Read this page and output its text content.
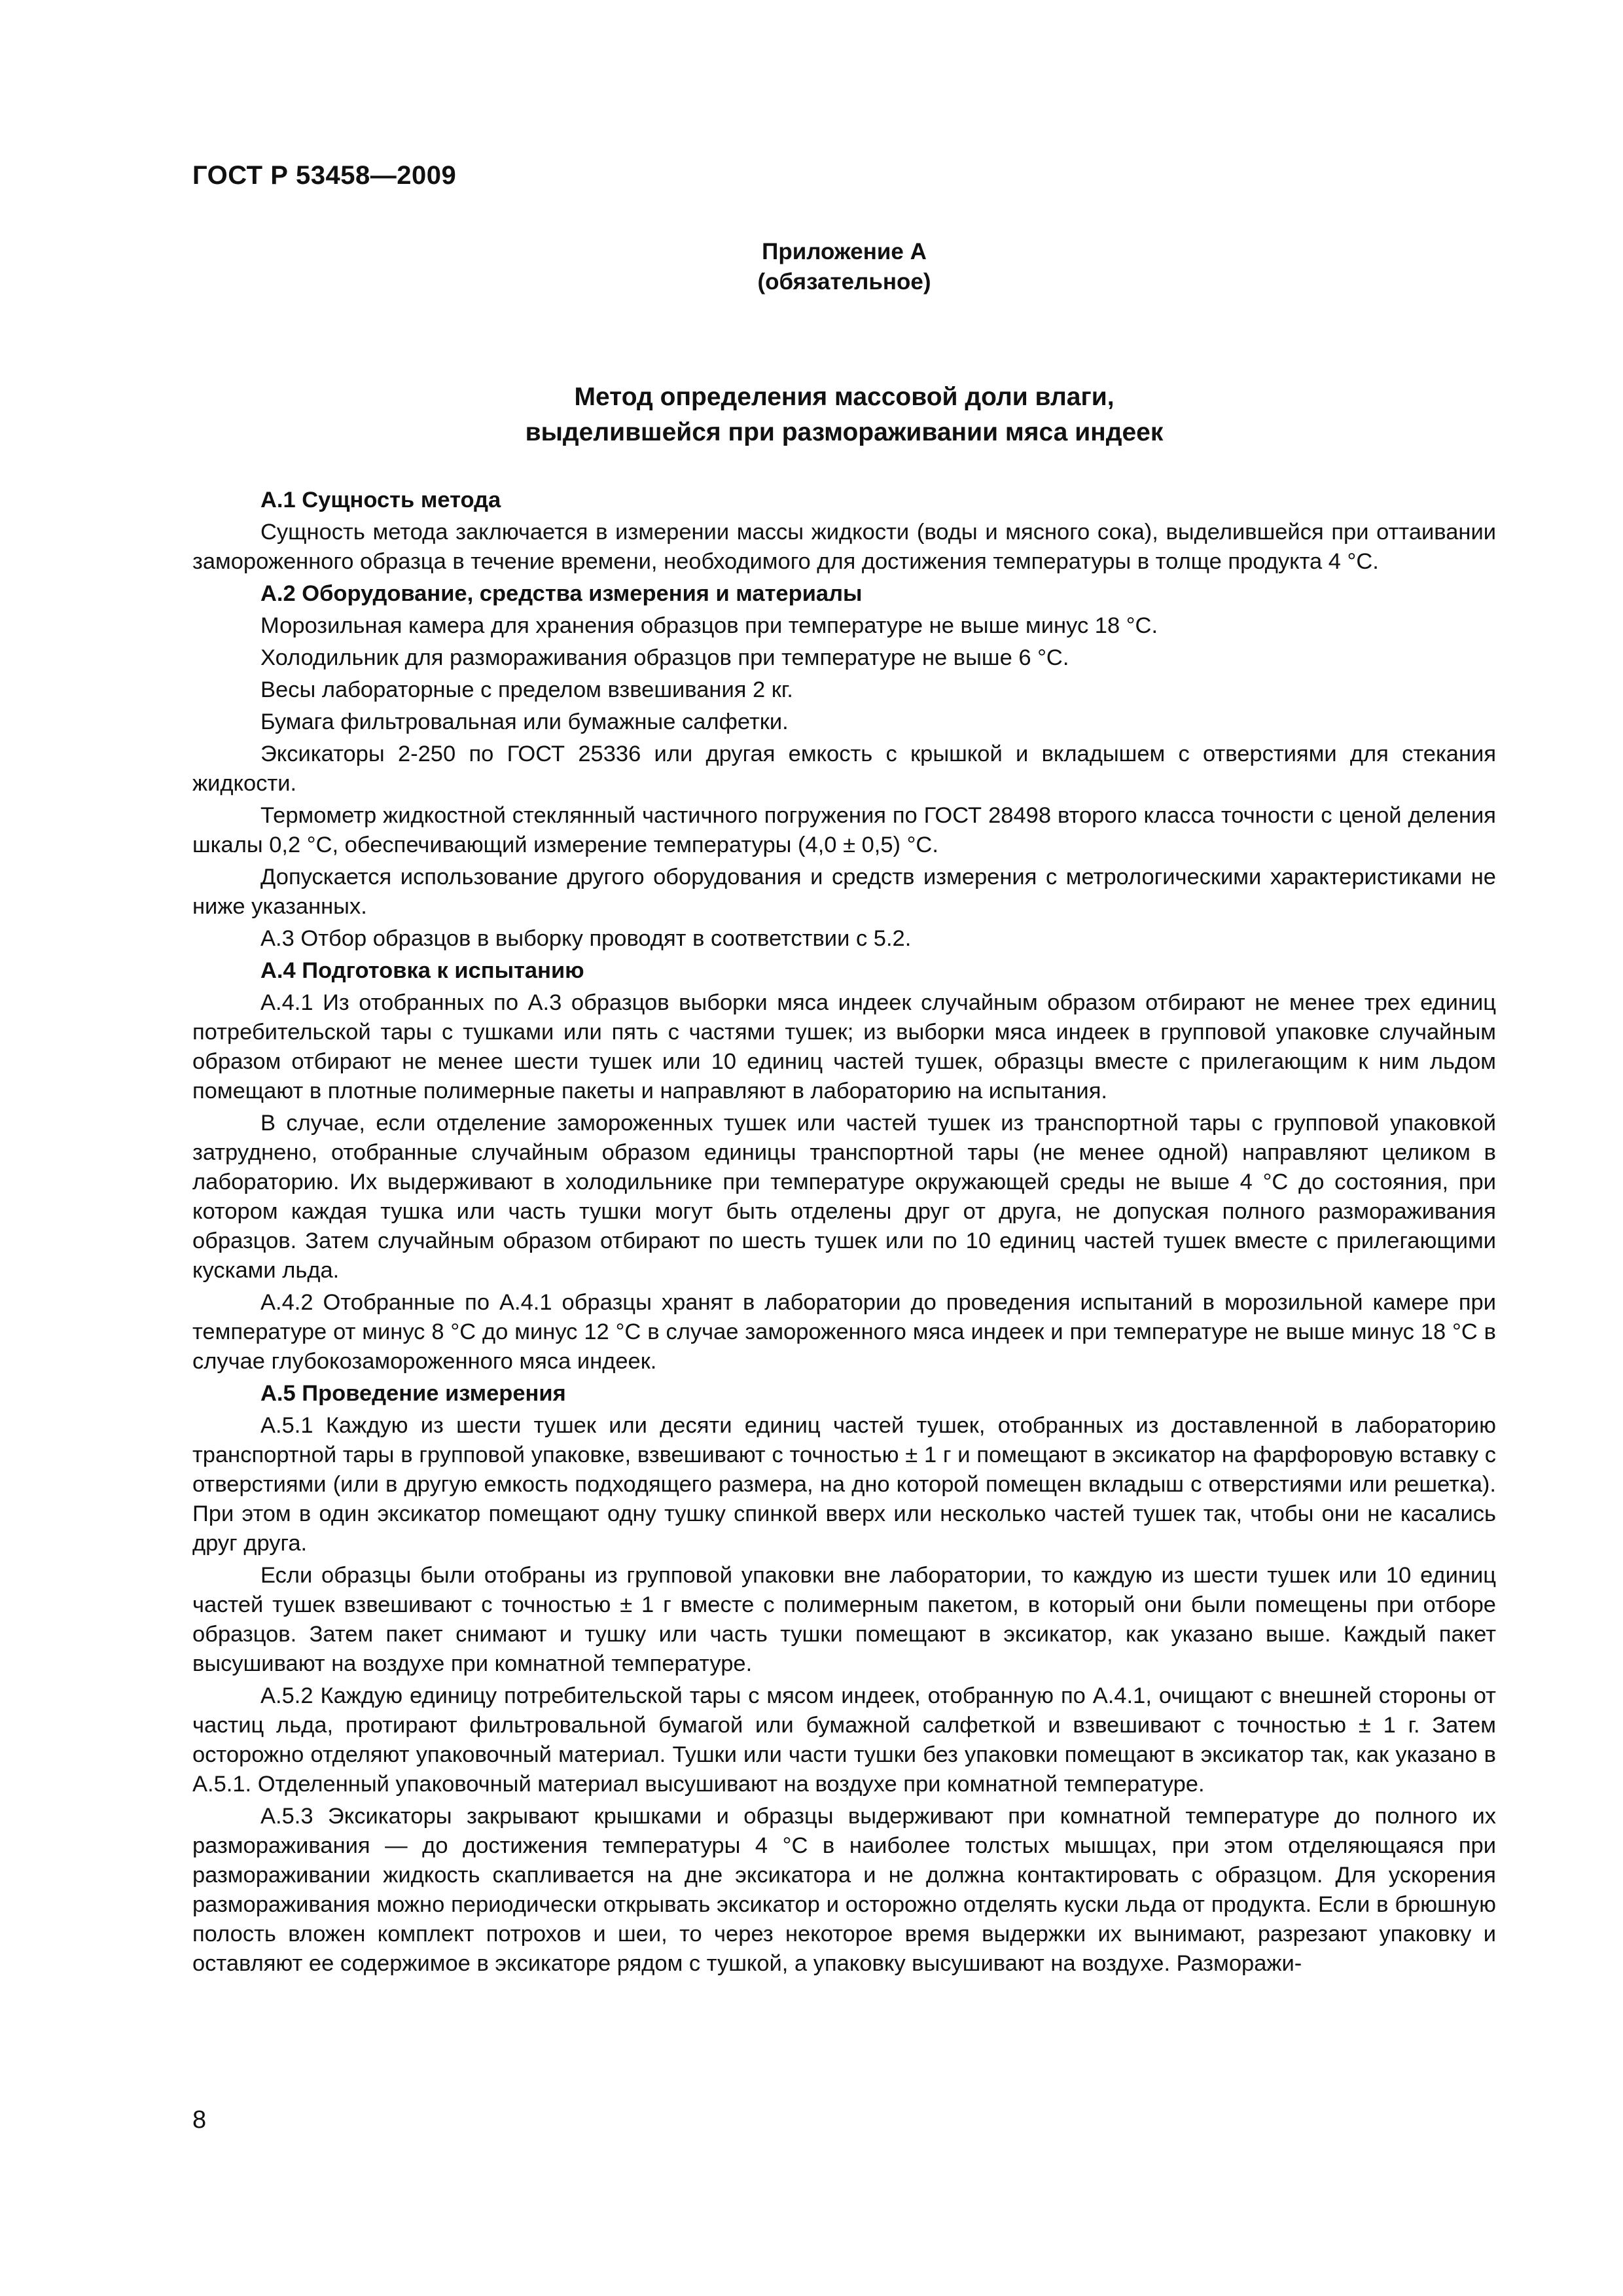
ГОСТ Р 53458—2009
Приложение А
(обязательное)
Метод определения массовой доли влаги,
выделившейся при размораживании мяса индеек
А.1 Сущность метода

Сущность метода заключается в измерении массы жидкости (воды и мясного сока), выделившейся при оттаивании замороженного образца в течение времени, необходимого для достижения температуры в толще продукта 4 °С.

А.2 Оборудование, средства измерения и материалы

Морозильная камера для хранения образцов при температуре не выше минус 18 °С.

Холодильник для размораживания образцов при температуре не выше 6 °С.

Весы лабораторные с пределом взвешивания 2 кг.

Бумага фильтровальная или бумажные салфетки.

Эксикаторы 2-250 по ГОСТ 25336 или другая емкость с крышкой и вкладышем с отверстиями для стекания жидкости.

Термометр жидкостной стеклянный частичного погружения по ГОСТ 28498 второго класса точности с ценой деления шкалы 0,2 °С, обеспечивающий измерение температуры (4,0 ± 0,5) °С.

Допускается использование другого оборудования и средств измерения с метрологическими характеристиками не ниже указанных.

А.3 Отбор образцов в выборку проводят в соответствии с 5.2.

А.4 Подготовка к испытанию

А.4.1 Из отобранных по А.3 образцов выборки мяса индеек случайным образом отбирают не менее трех единиц потребительской тары с тушками или пять с частями тушек; из выборки мяса индеек в групповой упаковке случайным образом отбирают не менее шести тушек или 10 единиц частей тушек, образцы вместе с прилегающим к ним льдом помещают в плотные полимерные пакеты и направляют в лабораторию на испытания.

В случае, если отделение замороженных тушек или частей тушек из транспортной тары с групповой упаковкой затруднено, отобранные случайным образом единицы транспортной тары (не менее одной) направляют целиком в лабораторию. Их выдерживают в холодильнике при температуре окружающей среды не выше 4 °С до состояния, при котором каждая тушка или часть тушки могут быть отделены друг от друга, не допуская полного размораживания образцов. Затем случайным образом отбирают по шесть тушек или по 10 единиц частей тушек вместе с прилегающими кусками льда.

А.4.2 Отобранные по А.4.1 образцы хранят в лаборатории до проведения испытаний в морозильной камере при температуре от минус 8 °С до минус 12 °С в случае замороженного мяса индеек и при температуре не выше минус 18 °С в случае глубокозамороженного мяса индеек.

А.5 Проведение измерения

А.5.1 Каждую из шести тушек или десяти единиц частей тушек, отобранных из доставленной в лабораторию транспортной тары в групповой упаковке, взвешивают с точностью ± 1 г и помещают в эксикатор на фарфоровую вставку с отверстиями (или в другую емкость подходящего размера, на дно которой помещен вкладыш с отверстиями или решетка). При этом в один эксикатор помещают одну тушку спинкой вверх или несколько частей тушек так, чтобы они не касались друг друга.

Если образцы были отобраны из групповой упаковки вне лаборатории, то каждую из шести тушек или 10 единиц частей тушек взвешивают с точностью ± 1 г вместе с полимерным пакетом, в который они были помещены при отборе образцов. Затем пакет снимают и тушку или часть тушки помещают в эксикатор, как указано выше. Каждый пакет высушивают на воздухе при комнатной температуре.

А.5.2 Каждую единицу потребительской тары с мясом индеек, отобранную по А.4.1, очищают с внешней стороны от частиц льда, протирают фильтровальной бумагой или бумажной салфеткой и взвешивают с точностью ± 1 г. Затем осторожно отделяют упаковочный материал. Тушки или части тушки без упаковки помещают в эксикатор так, как указано в А.5.1. Отделенный упаковочный материал высушивают на воздухе при комнатной температуре.

А.5.3 Эксикаторы закрывают крышками и образцы выдерживают при комнатной температуре до полного их размораживания — до достижения температуры 4 °С в наиболее толстых мышцах, при этом отделяющаяся при размораживании жидкость скапливается на дне эксикатора и не должна контактировать с образцом. Для ускорения размораживания можно периодически открывать эксикатор и осторожно отделять куски льда от продукта. Если в брюшную полость вложен комплект потрохов и шеи, то через некоторое время выдержки их вынимают, разрезают упаковку и оставляют ее содержимое в эксикаторе рядом с тушкой, а упаковку высушивают на воздухе. Разморажи-

8
